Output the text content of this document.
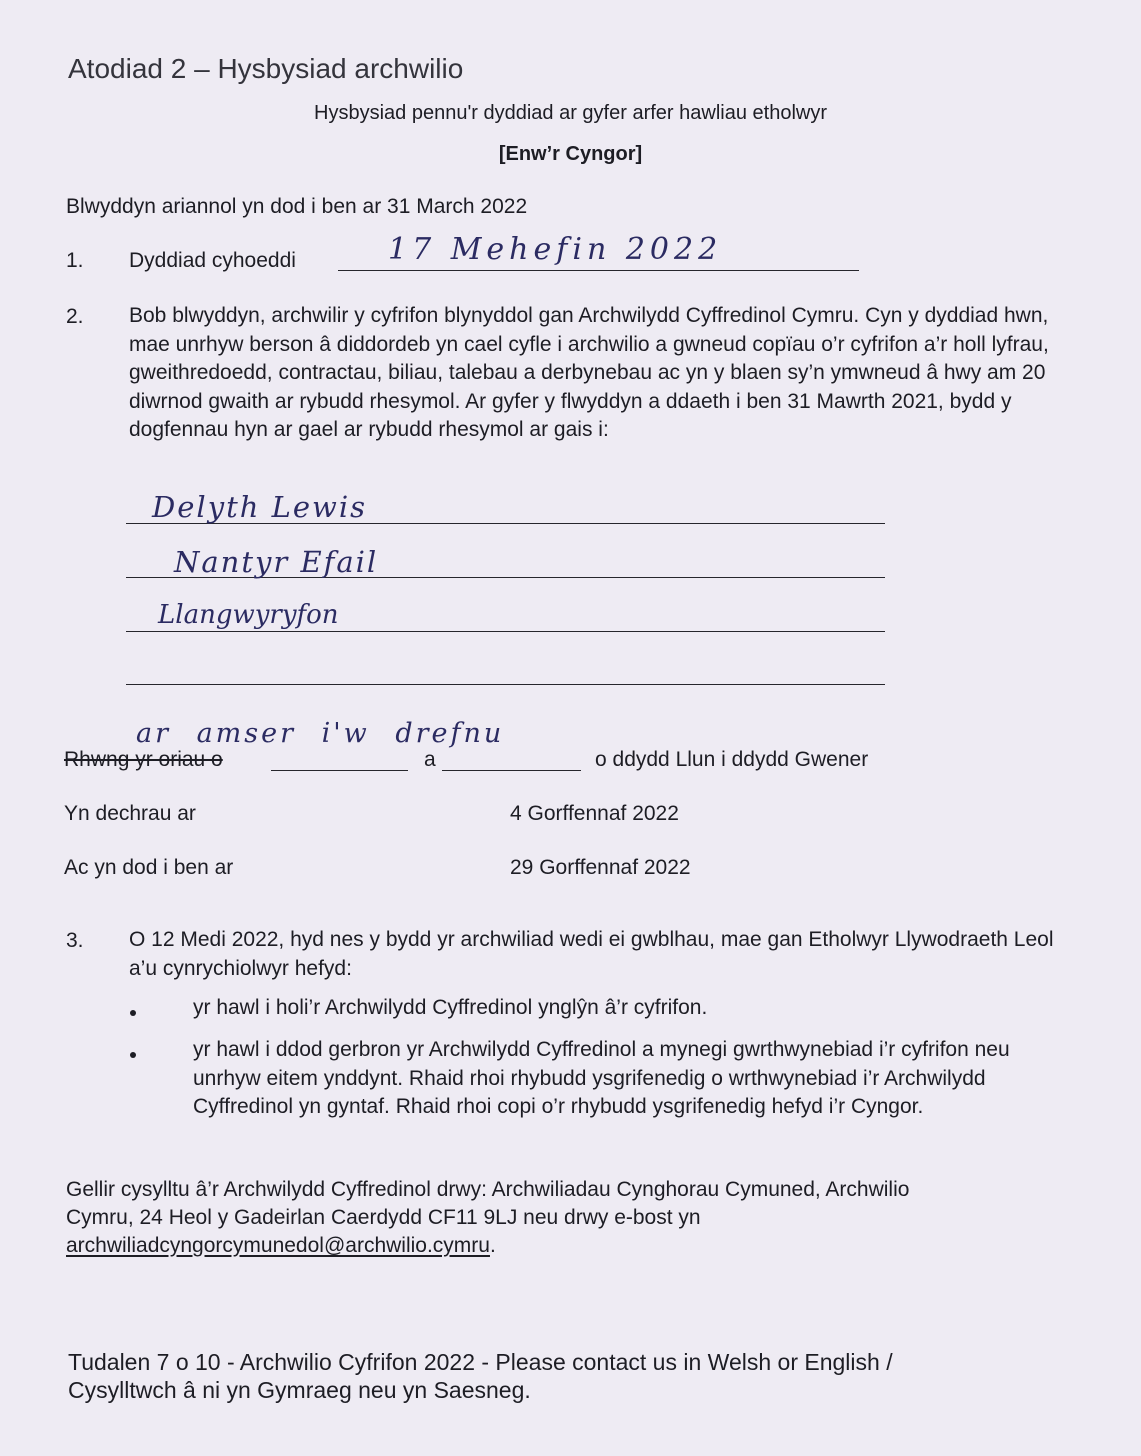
Atodiad 2 – Hysbysiad archwilio
Hysbysiad pennu'r dyddiad ar gyfer arfer hawliau etholwyr
[Enw’r Cyngor]
Blwyddyn ariannol yn dod i ben ar 31 March 2022
1. Dyddiad cyhoeddi	17 Mehefin 2022
2. Bob blwyddyn, archwilir y cyfrifon blynyddol gan Archwilydd Cyffredinol Cymru. Cyn y dyddiad hwn, mae unrhyw berson â diddordeb yn cael cyfle i archwilio a gwneud copïau o’r cyfrifon a’r holl lyfrau, gweithredoedd, contractau, biliau, talebau a derbynebau ac yn y blaen sy’n ymwneud â hwy am 20 diwrnod gwaith ar rybudd rhesymol. Ar gyfer y flwyddyn a ddaeth i ben 31 Mawrth 2021, bydd y dogfennau hyn ar gael ar rybudd rhesymol ar gais i:
Delyth Lewis
Nantyr Efail
Llangwyryfon
ar amser i'w drefnu
Rhwng yr oriau o	a	o ddydd Llun i ddydd Gwener
Yn dechrau ar	4 Gorffennaf 2022
Ac yn dod i ben ar	29 Gorffennaf 2022
3. O 12 Medi 2022, hyd nes y bydd yr archwiliad wedi ei gwblhau, mae gan Etholwyr Llywodraeth Leol a’u cynrychiolwyr hefyd:
yr hawl i holi’r Archwilydd Cyffredinol ynglŷn â’r cyfrifon.
yr hawl i ddod gerbron yr Archwilydd Cyffredinol a mynegi gwrthwynebiad i’r cyfrifon neu unrhyw eitem ynddynt. Rhaid rhoi rhybudd ysgrifenedig o wrthwynebiad i’r Archwilydd Cyffredinol yn gyntaf. Rhaid rhoi copi o’r rhybudd ysgrifenedig hefyd i’r Cyngor.
Gellir cysylltu â’r Archwilydd Cyffredinol drwy: Archwiliadau Cynghorau Cymuned, Archwilio
Cymru, 24 Heol y Gadeirlan Caerdydd CF11 9LJ neu drwy e-bost yn
archwiliadcyngorcymunedol@archwilio.cymru.
Tudalen 7 o 10 - Archwilio Cyfrifon 2022 - Please contact us in Welsh or English /
Cysylltwch â ni yn Gymraeg neu yn Saesneg.
